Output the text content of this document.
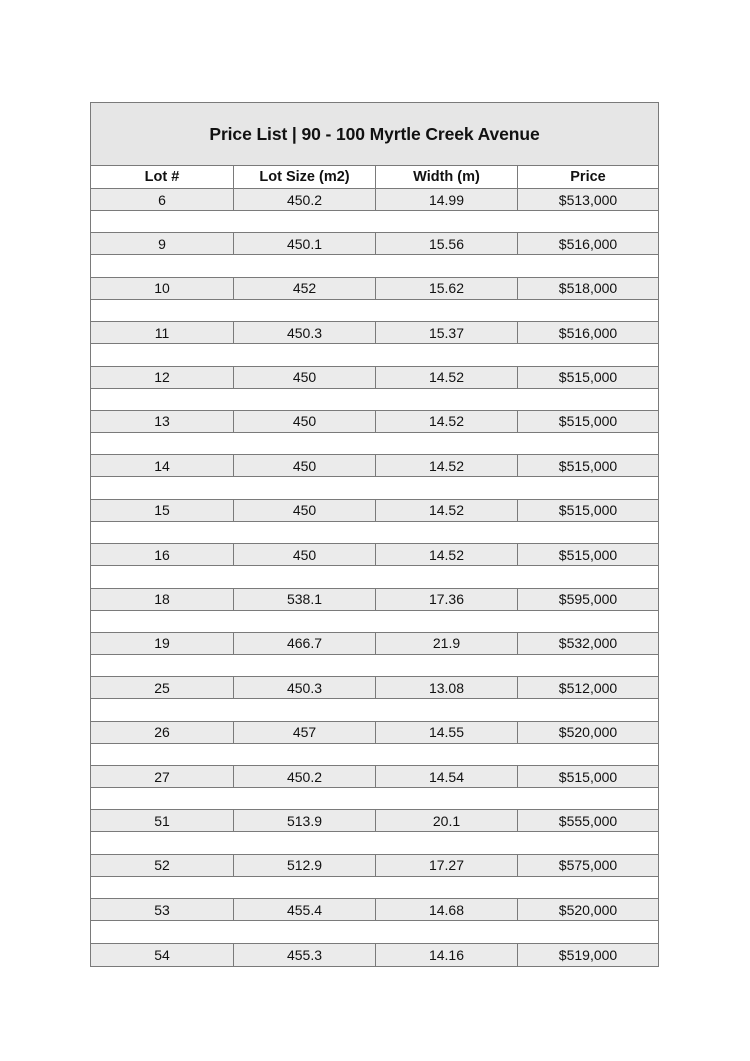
Price List | 90 - 100 Myrtle Creek Avenue
Lot #	Lot Size (m2)	Width (m)	Price
6	450.2	14.99	$513,000
9	450.1	15.56	$516,000
10	452	15.62	$518,000
11	450.3	15.37	$516,000
12	450	14.52	$515,000
13	450	14.52	$515,000
14	450	14.52	$515,000
15	450	14.52	$515,000
16	450	14.52	$515,000
18	538.1	17.36	$595,000
19	466.7	21.9	$532,000
25	450.3	13.08	$512,000
26	457	14.55	$520,000
27	450.2	14.54	$515,000
51	513.9	20.1	$555,000
52	512.9	17.27	$575,000
53	455.4	14.68	$520,000
54	455.3	14.16	$519,000
